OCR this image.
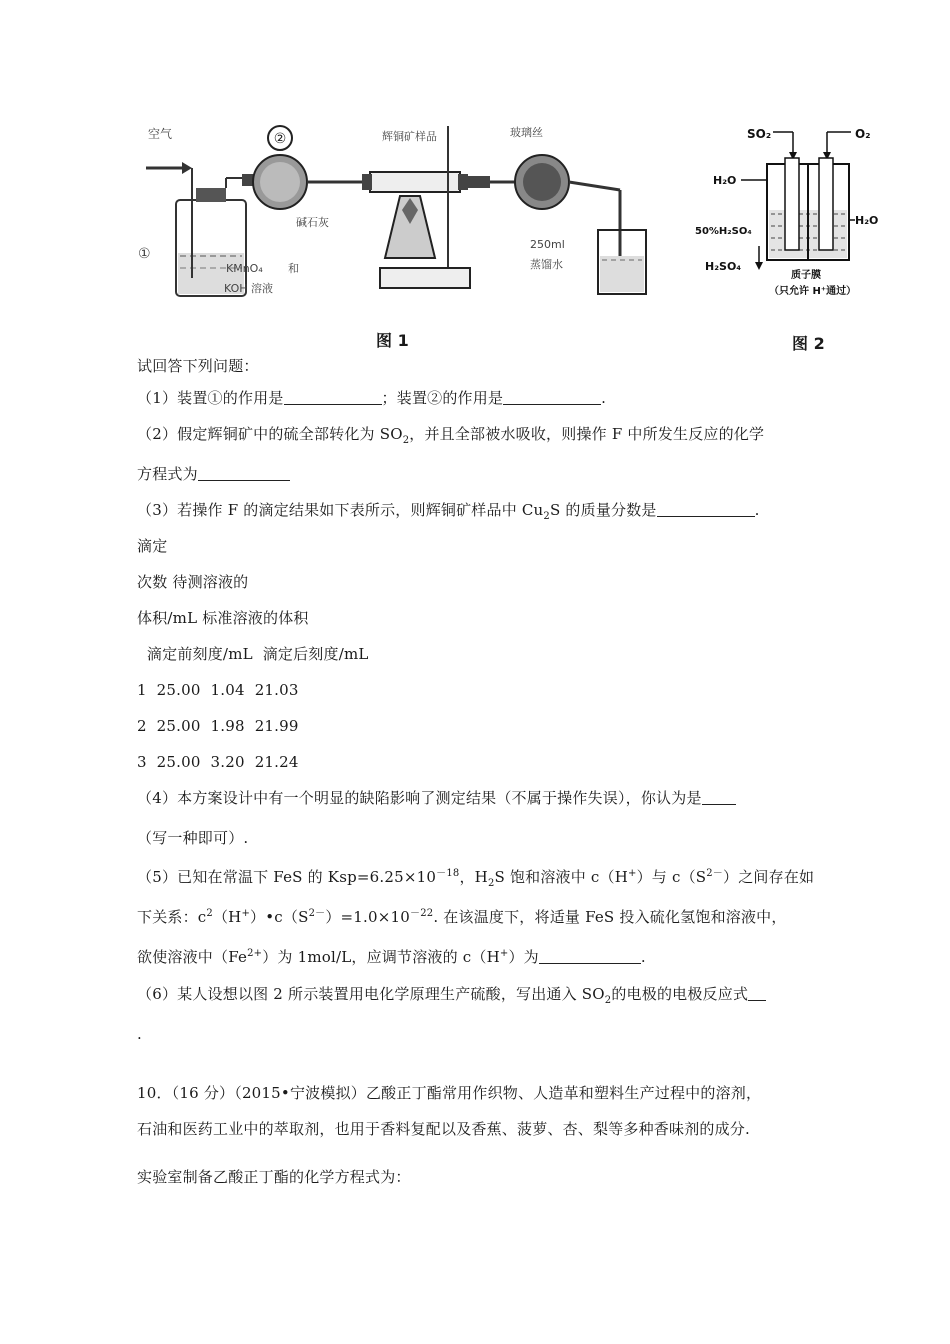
空气
①
KMnO₄ 和
KOH 溶液
②
碱石灰
辉铜矿样品	玻璃丝
250ml
蒸馏水
图 1
SO₂	O₂
H₂O
H₂O
50%H₂SO₄
H₂SO₄
质子膜
（只允许 H⁺通过）
图 2
试回答下列问题：
（1）装置①的作用是	；装置②的作用是	.
（2）假定辉铜矿中的硫全部转化为 $SO_2$，并且全部被水吸收，则操作 F 中所发生反应的化学
方程式为
（3）若操作 F 的滴定结果如下表所示，则辉铜矿样品中 $Cu_2S$ 的质量分数是	.
滴定
次数 待测溶液的
体积/mL 标准溶液的体积
滴定前刻度/mL  滴定后刻度/mL
1  25.00  1.04  21.03
2  25.00  1.98  21.99
3  25.00  3.20  21.24
（4）本方案设计中有一个明显的缺陷影响了测定结果（不属于操作失误），你认为是
（写一种即可）.
（5）已知在常温下 FeS 的 $Ksp=6.25\times 10^{-18}$，$H_2S$ 饱和溶液中 c（H+）与 $c(S^{2-})$之间存在如
下关系：$c^2(H^+)•c(S^{2-})=1.0\times 10^{-22}$. 在该温度下，将适量 FeS 投入硫化氢饱和溶液中，
欲使溶液中$(Fe^{2+})$为 1mol/L，应调节溶液的 c（H+）为	.
（6）某人设想以图 2 所示装置用电化学原理生产硫酸，写出通入 $SO_2$的电极的电极反应式
.
10．（16 分）（2015•宁波模拟）乙酸正丁酯常用作织物、人造革和塑料生产过程中的溶剂，
石油和医药工业中的萃取剂，也用于香料复配以及香蕉、菠萝、杏、梨等多种香味剂的成分.
实验室制备乙酸正丁酯的化学方程式为：
